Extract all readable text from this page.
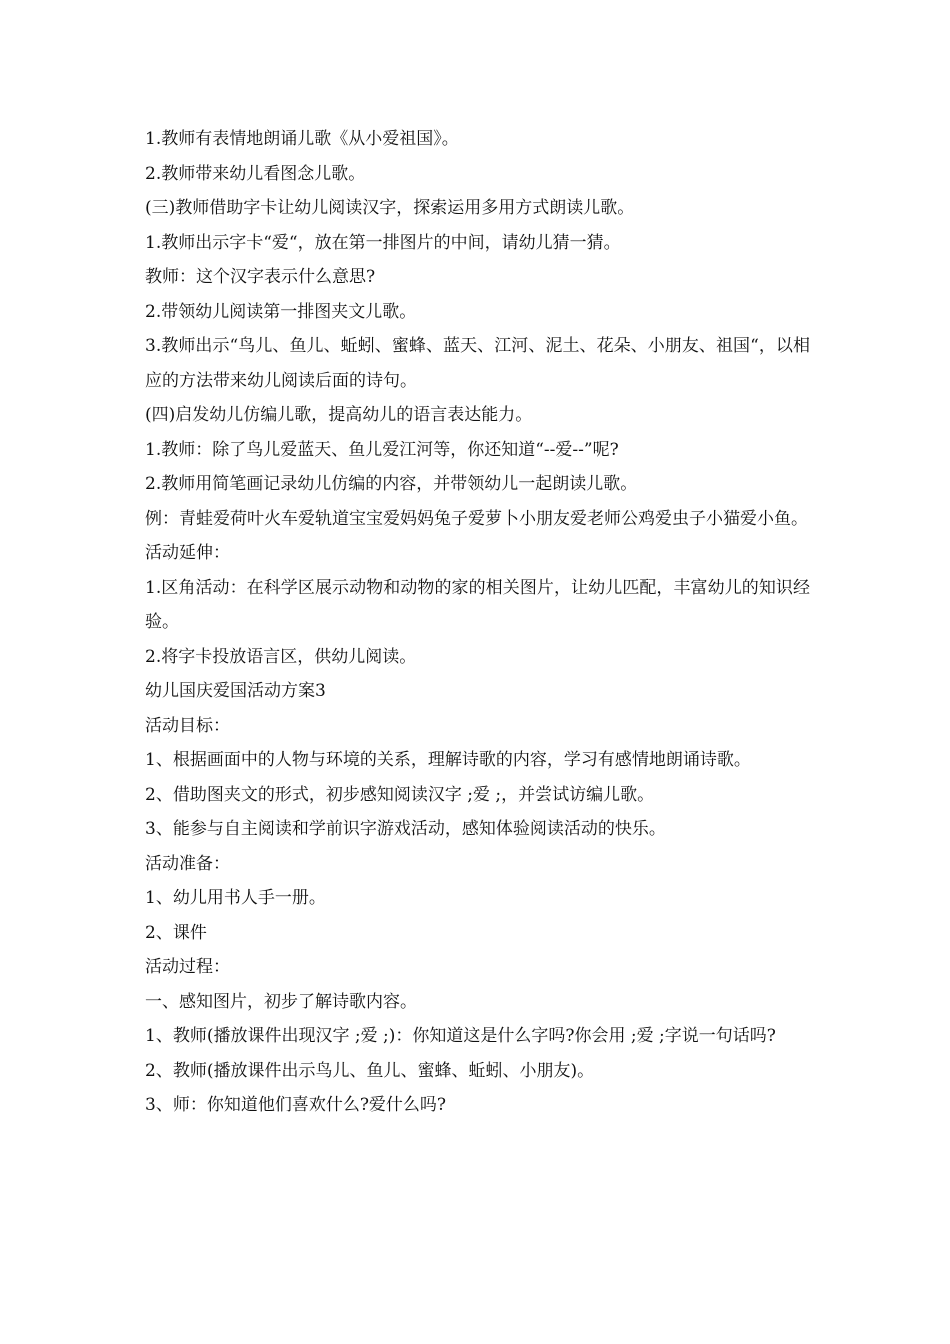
1.教师有表情地朗诵儿歌《从小爱祖国》。
2.教师带来幼儿看图念儿歌。
(三)教师借助字卡让幼儿阅读汉字，探索运用多用方式朗读儿歌。
1.教师出示字卡“爱“，放在第一排图片的中间，请幼儿猜一猜。
教师：这个汉字表示什么意思?
2.带领幼儿阅读第一排图夹文儿歌。
3.教师出示“鸟儿、鱼儿、蚯蚓、蜜蜂、蓝天、江河、泥土、花朵、小朋友、祖国“，以相应的方法带来幼儿阅读后面的诗句。
(四)启发幼儿仿编儿歌，提高幼儿的语言表达能力。
1.教师：除了鸟儿爱蓝天、鱼儿爱江河等，你还知道“--爱--”呢?
2.教师用简笔画记录幼儿仿编的内容，并带领幼儿一起朗读儿歌。
例：青蛙爱荷叶火车爱轨道宝宝爱妈妈兔子爱萝卜小朋友爱老师公鸡爱虫子小猫爱小鱼。
活动延伸：
1.区角活动：在科学区展示动物和动物的家的相关图片，让幼儿匹配，丰富幼儿的知识经验。
2.将字卡投放语言区，供幼儿阅读。
幼儿国庆爱国活动方案3
活动目标：
1、根据画面中的人物与环境的关系，理解诗歌的内容，学习有感情地朗诵诗歌。
2、借助图夹文的形式，初步感知阅读汉字 ;爱 ;，并尝试访编儿歌。
3、能参与自主阅读和学前识字游戏活动，感知体验阅读活动的快乐。
活动准备：
1、幼儿用书人手一册。
2、课件
活动过程：
一、感知图片，初步了解诗歌内容。
1、教师(播放课件出现汉字 ;爱 ;)：你知道这是什么字吗?你会用 ;爱 ;字说一句话吗?
2、教师(播放课件出示鸟儿、鱼儿、蜜蜂、蚯蚓、小朋友)。
3、师：你知道他们喜欢什么?爱什么吗?
